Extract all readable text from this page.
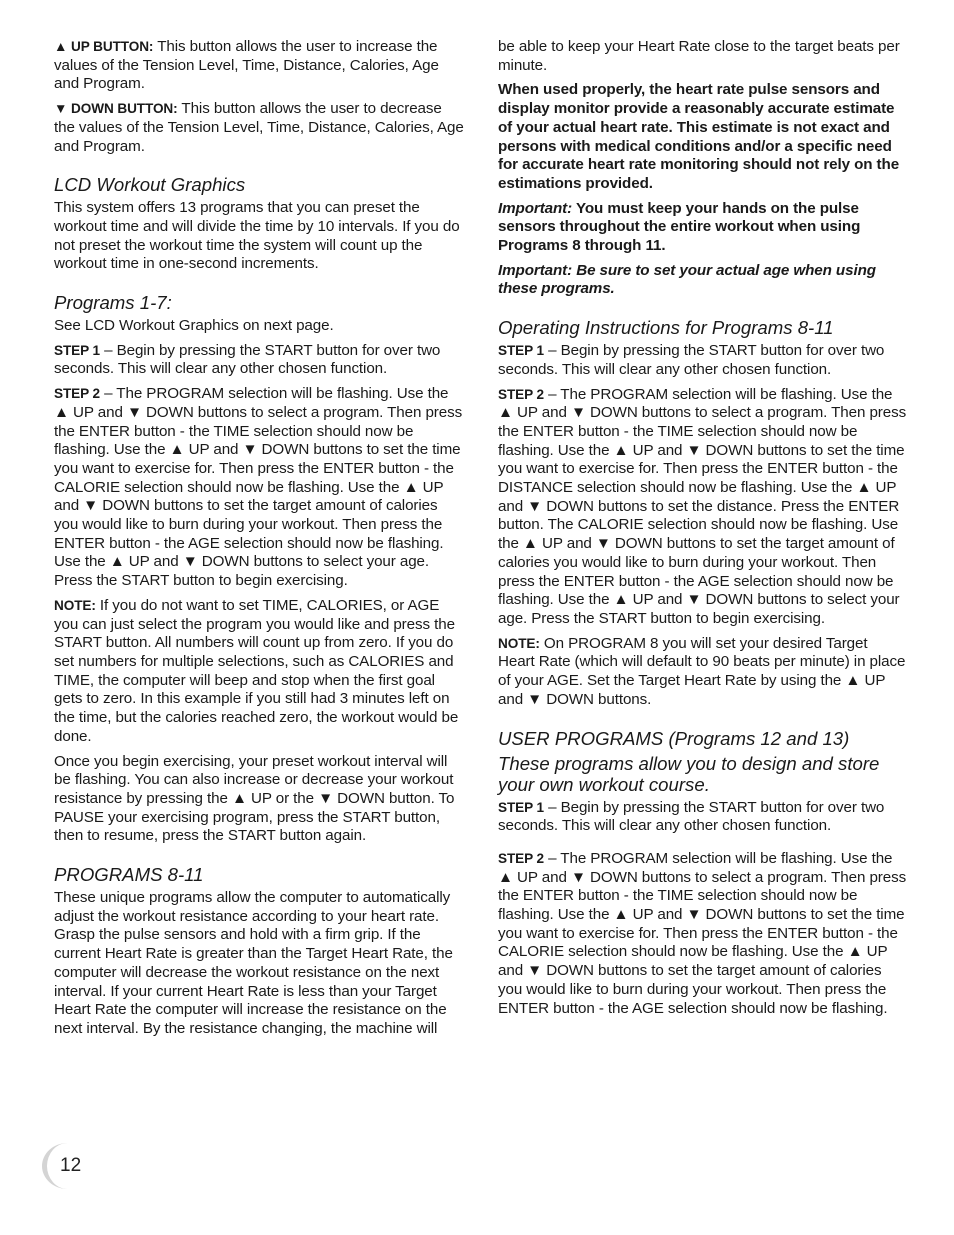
▲ UP BUTTON: This button allows the user to increase the values of the Tension Level, Time, Distance, Calories, Age and Program.

▼ DOWN BUTTON: This button allows the user to decrease the values of the Tension Level, Time, Distance, Calories, Age and Program.

LCD Workout Graphics

This system offers 13 programs that you can preset the workout time and will divide the time by 10 intervals. If you do not preset the workout time the system will count up the workout time in one-second increments.

Programs 1-7:

See LCD Workout Graphics on next page.

STEP 1 – Begin by pressing the START button for over two seconds. This will clear any other chosen function.

STEP 2 – The PROGRAM selection will be flashing. Use the ▲ UP and ▼ DOWN buttons to select a program. Then press the ENTER button - the TIME selection should now be flashing. Use the ▲ UP and ▼ DOWN buttons to set the time you want to exercise for. Then press the ENTER button - the CALORIE selection should now be flashing. Use the ▲ UP and ▼ DOWN buttons to set the target amount of calories you would like to burn during your workout. Then press the ENTER button - the AGE selection should now be flashing. Use the ▲ UP and ▼ DOWN buttons to select your age. Press the START button to begin exercising.

NOTE: If you do not want to set TIME, CALORIES, or AGE you can just select the program you would like and press the START button. All numbers will count up from zero. If you do set numbers for multiple selections, such as CALORIES and TIME, the computer will beep and stop when the first goal gets to zero. In this example if you still had 3 minutes left on the time, but the calories reached zero, the workout would be done.

Once you begin exercising, your preset workout interval will be flashing. You can also increase or decrease your workout resistance by pressing the ▲ UP or the ▼ DOWN button. To PAUSE your exercising program, press the START button, then to resume, press the START button again.

PROGRAMS 8-11

These unique programs allow the computer to automatically adjust the workout resistance according to your heart rate. Grasp the pulse sensors and hold with a firm grip. If the current Heart Rate is greater than the Target Heart Rate, the computer will decrease the workout resistance on the next interval. If your current Heart Rate is less than your Target Heart Rate the computer will increase the resistance on the next interval. By the resistance changing, the machine will

be able to keep your Heart Rate close to the target beats per minute.

When used properly, the heart rate pulse sensors and display monitor provide a reasonably accurate estimate of your actual heart rate. This estimate is not exact and persons with medical conditions and/or a specific need for accurate heart rate monitoring should not rely on the estimations provided.

Important: You must keep your hands on the pulse sensors throughout the entire workout when using Programs 8 through 11.

Important: Be sure to set your actual age when using these programs.

Operating Instructions for Programs 8-11

STEP 1 – Begin by pressing the START button for over two seconds. This will clear any other chosen function.

STEP 2 – The PROGRAM selection will be flashing. Use the ▲ UP and ▼ DOWN buttons to select a program. Then press the ENTER button - the TIME selection should now be flashing. Use the ▲ UP and ▼ DOWN buttons to set the time you want to exercise for. Then press the ENTER button - the DISTANCE selection should now be flashing. Use the ▲ UP and ▼ DOWN buttons to set the distance. Press the ENTER button. The CALORIE selection should now be flashing. Use the ▲ UP and ▼ DOWN buttons to set the target amount of calories you would like to burn during your workout. Then press the ENTER button - the AGE selection should now be flashing. Use the ▲ UP and ▼ DOWN buttons to select your age. Press the START button to begin exercising.

NOTE: On PROGRAM 8 you will set your desired Target Heart Rate (which will default to 90 beats per minute) in place of your AGE. Set the Target Heart Rate by using the ▲ UP and ▼ DOWN buttons.

USER PROGRAMS (Programs 12 and 13)
These programs allow you to design and store your own workout course.

STEP 1 – Begin by pressing the START button for over two seconds. This will clear any other chosen function.

STEP 2 – The PROGRAM selection will be flashing. Use the ▲ UP and ▼ DOWN buttons to select a program. Then press the ENTER button - the TIME selection should now be flashing. Use the ▲ UP and ▼ DOWN buttons to set the time you want to exercise for. Then press the ENTER button - the CALORIE selection should now be flashing. Use the ▲ UP and ▼ DOWN buttons to set the target amount of calories you would like to burn during your workout. Then press the ENTER button - the AGE selection should now be flashing.

12
